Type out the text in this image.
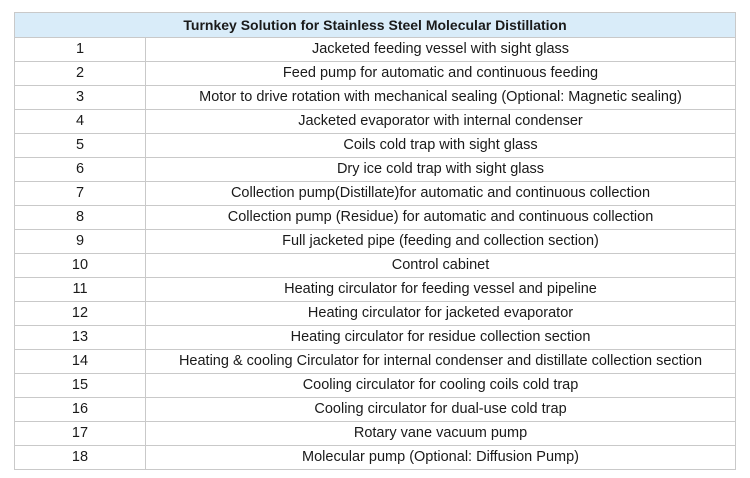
Turnkey Solution for Stainless Steel Molecular Distillation	
1	Jacketed feeding vessel with sight glass
2	Feed pump for automatic and continuous feeding
3	Motor to drive rotation with mechanical sealing (Optional: Magnetic sealing)
4	Jacketed evaporator with internal condenser
5	Coils cold trap with sight glass
6	Dry ice cold trap with sight glass
7	Collection pump(Distillate)for automatic and continuous collection
8	Collection pump (Residue) for automatic and continuous collection
9	Full jacketed pipe (feeding and collection section)
10	Control cabinet
11	Heating circulator for feeding vessel and pipeline
12	Heating circulator for jacketed evaporator
13	Heating circulator for residue collection section
14	Heating & cooling Circulator for internal condenser and distillate collection section
15	Cooling circulator for cooling coils cold trap
16	Cooling circulator for dual-use cold trap
17	Rotary vane vacuum pump
18	Molecular pump (Optional: Diffusion Pump)
